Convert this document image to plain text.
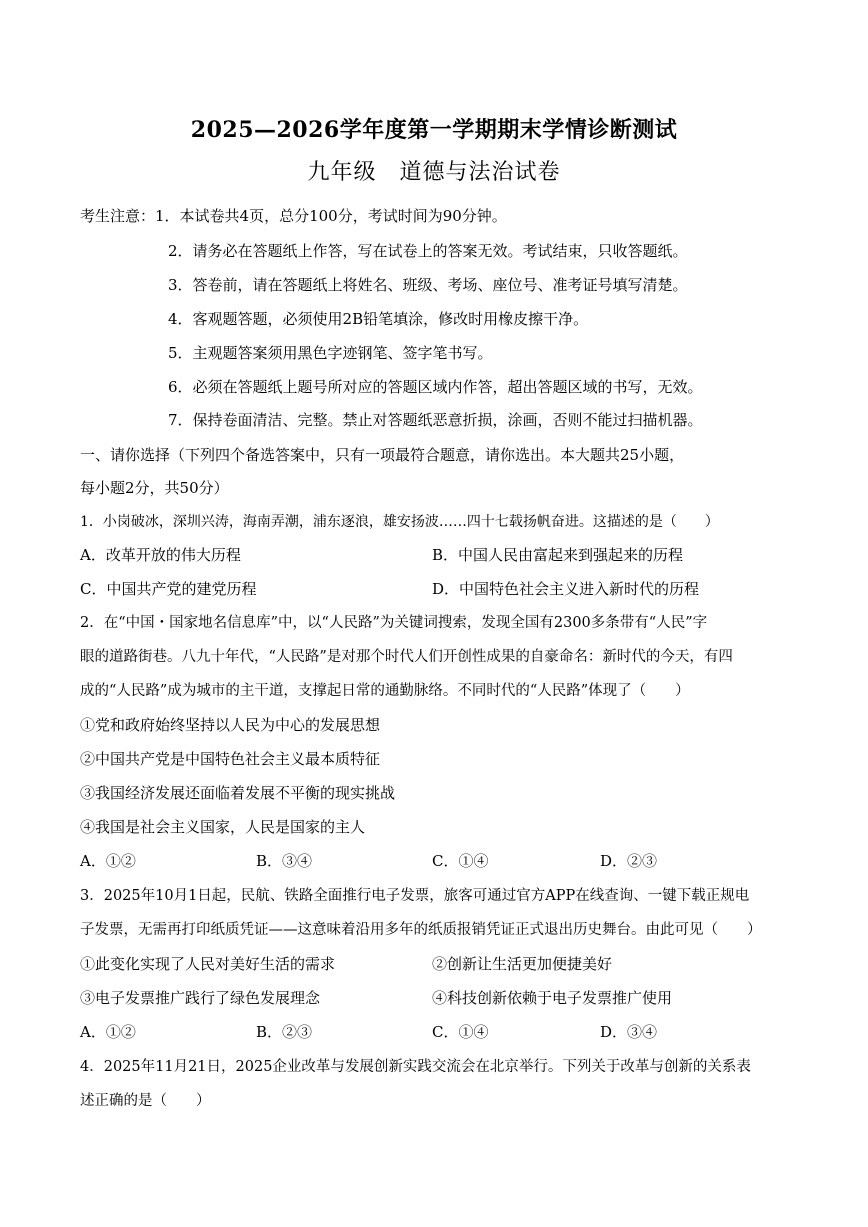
2025—2026学年度第一学期期末学情诊断测试
九年级　道德与法治试卷
考生注意： 1．本试卷共4页，总分100分，考试时间为90分钟。
2．请务必在答题纸上作答，写在试卷上的答案无效。考试结束，只收答题纸。
3．答卷前，请在答题纸上将姓名、班级、考场、座位号、准考证号填写清楚。
4．客观题答题，必须使用2B铅笔填涂，修改时用橡皮擦干净。
5．主观题答案须用黑色字迹钢笔、签字笔书写。
6．必须在答题纸上题号所对应的答题区域内作答，超出答题区域的书写，无效。
7．保持卷面清洁、完整。禁止对答题纸恶意折损，涂画，否则不能过扫描机器。
一、请你选择（下列四个备选答案中，只有一项最符合题意，请你选出。本大题共25小题，
每小题2分，共50分）
1．小岗破冰，深圳兴涛，海南弄潮，浦东逐浪，雄安扬波……四十七载扬帆奋进。这描述的是（　　）
A．改革开放的伟大历程	B．中国人民由富起来到强起来的历程
C．中国共产党的建党历程	D．中国特色社会主义进入新时代的历程
2．在“中国・国家地名信息库”中，以“人民路”为关键词搜索，发现全国有2300多条带有“人民”字
眼的道路街巷。八九十年代，“人民路”是对那个时代人们开创性成果的自豪命名：新时代的今天，有四
成的“人民路”成为城市的主干道，支撑起日常的通勤脉络。不同时代的“人民路”体现了（　　）
①党和政府始终坚持以人民为中心的发展思想
②中国共产党是中国特色社会主义最本质特征
③我国经济发展还面临着发展不平衡的现实挑战
④我国是社会主义国家，人民是国家的主人
A．①②	B．③④	C．①④	D．②③
3．2025年10月1日起，民航、铁路全面推行电子发票，旅客可通过官方APP在线查询、一键下载正规电
子发票，无需再打印纸质凭证——这意味着沿用多年的纸质报销凭证正式退出历史舞台。由此可见（　　）
①此变化实现了人民对美好生活的需求	②创新让生活更加便捷美好
③电子发票推广践行了绿色发展理念	④科技创新依赖于电子发票推广使用
A．①②	B．②③	C．①④	D．③④
4．2025年11月21日，2025企业改革与发展创新实践交流会在北京举行。下列关于改革与创新的关系表
述正确的是（　　）
